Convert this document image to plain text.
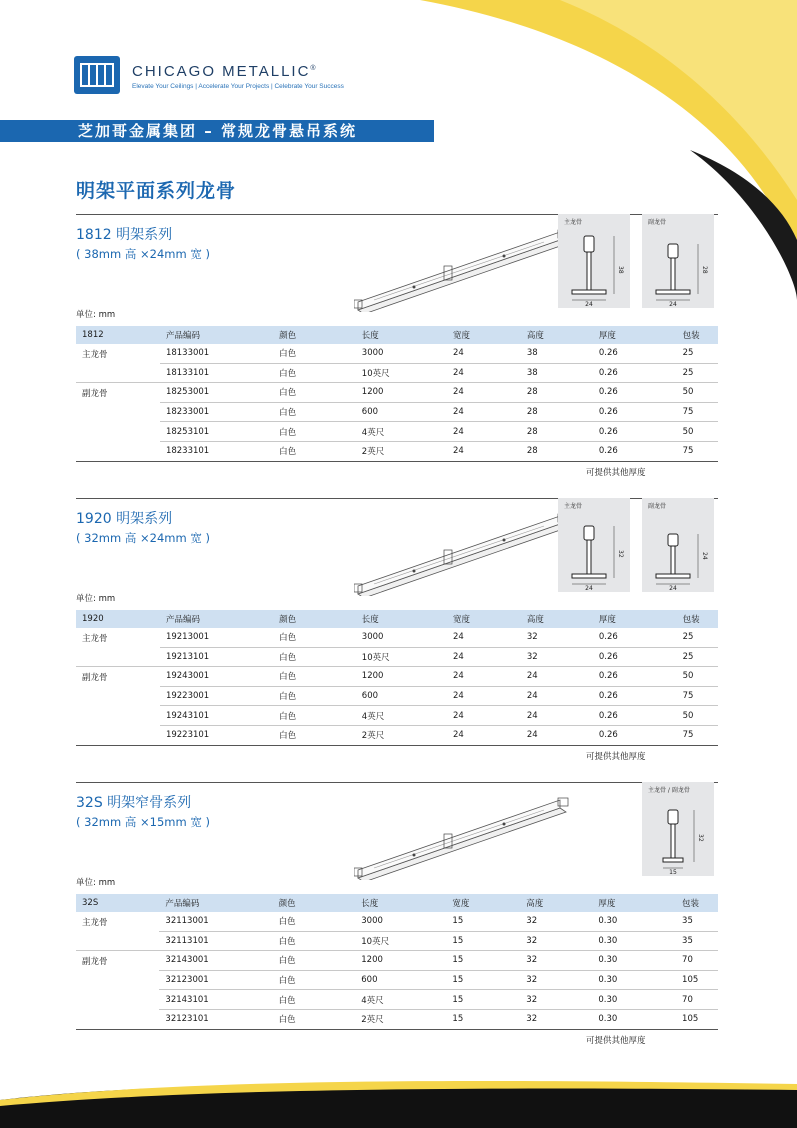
CHICAGO METALLIC®
Elevate Your Ceilings | Accelerate Your Projects | Celebrate Your Success
芝加哥金属集团 – 常规龙骨悬吊系统
明架平面系列龙骨
1812 明架系列
( 38mm 高 ×24mm 宽 )
主龙骨
24
38
副龙骨
24
28
单位: mm
1812	产品编码	颜色	长度	宽度	高度	厚度	包装
主龙骨	18133001	白色	3000	24	38	0.26	25
	18133101	白色	10英尺	24	38	0.26	25
副龙骨	18253001	白色	1200	24	28	0.26	50
	18233001	白色	600	24	28	0.26	75
	18253101	白色	4英尺	24	28	0.26	50
	18233101	白色	2英尺	24	28	0.26	75
可提供其他厚度
1920 明架系列
( 32mm 高 ×24mm 宽 )
主龙骨
24
32
副龙骨
24
24
单位: mm
1920	产品编码	颜色	长度	宽度	高度	厚度	包装
主龙骨	19213001	白色	3000	24	32	0.26	25
	19213101	白色	10英尺	24	32	0.26	25
副龙骨	19243001	白色	1200	24	24	0.26	50
	19223001	白色	600	24	24	0.26	75
	19243101	白色	4英尺	24	24	0.26	50
	19223101	白色	2英尺	24	24	0.26	75
可提供其他厚度
32S 明架窄骨系列
( 32mm 高 ×15mm 宽 )
主龙骨 / 副龙骨
15
32
单位: mm
32S	产品编码	颜色	长度	宽度	高度	厚度	包装
主龙骨	32113001	白色	3000	15	32	0.30	35
	32113101	白色	10英尺	15	32	0.30	35
副龙骨	32143001	白色	1200	15	32	0.30	70
	32123001	白色	600	15	32	0.30	105
	32143101	白色	4英尺	15	32	0.30	70
	32123101	白色	2英尺	15	32	0.30	105
可提供其他厚度
